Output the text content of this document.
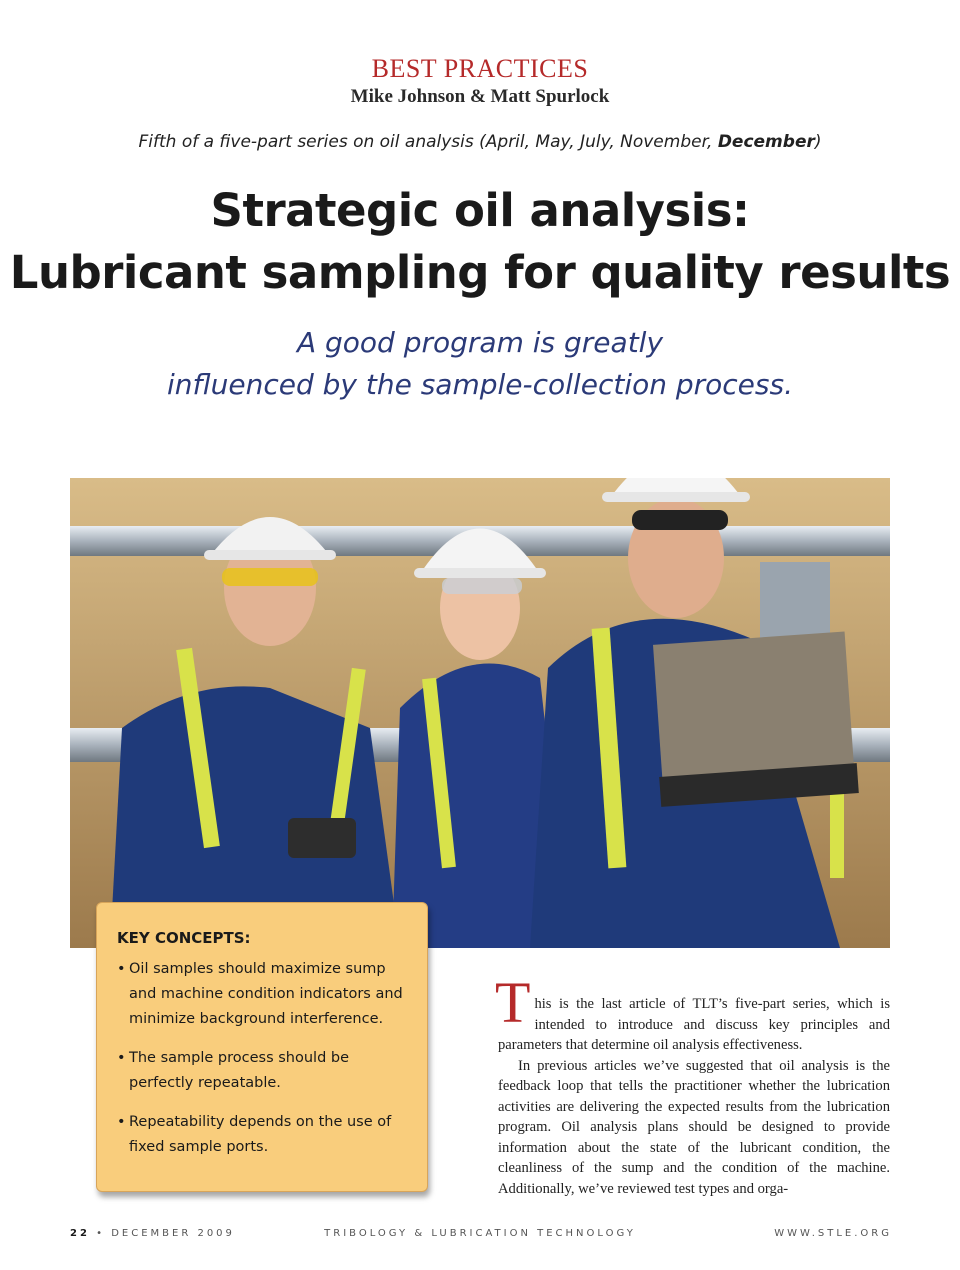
BEST PRACTICES
Mike Johnson & Matt Spurlock
Fifth of a five-part series on oil analysis (April, May, July, November, December)
Strategic oil analysis:
Lubricant sampling for quality results
A good program is greatly
influenced by the sample-collection process.
KEY CONCEPTS:
• Oil samples should maximize sump and machine condition indicators and minimize background interference.
• The sample process should be perfectly repeatable.
• Repeatability depends on the use of fixed sample ports.

This is the last article of TLT’s five-part series, which is intended to introduce and discuss key principles and parameters that determine oil analysis effectiveness.

In previous articles we’ve suggested that oil analysis is the feedback loop that tells the practitioner whether the lubrication activities are delivering the expected results from the lubrication program. Oil analysis plans should be designed to provide information about the state of the lubricant condition, the cleanliness of the sump and the condition of the machine. Additionally, we’ve reviewed test types and orga-

22 • DECEMBER 2009	TRIBOLOGY & LUBRICATION TECHNOLOGY	WWW.STLE.ORG
